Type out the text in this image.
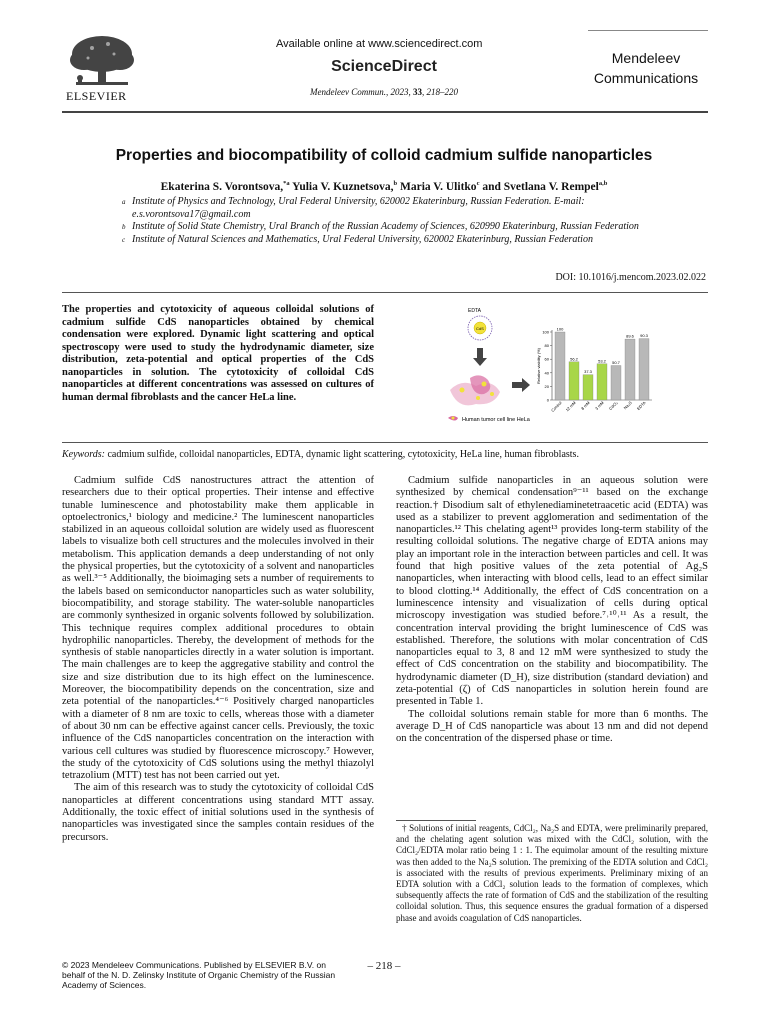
ELSEVIER
Available online at www.sciencedirect.com
ScienceDirect
Mendeleev Commun., 2023, 33, 218–220
Mendeleev
Communications
Properties and biocompatibility of colloid cadmium sulfide nanoparticles
Ekaterina S. Vorontsova,$^{*a}$ Yulia V. Kuznetsova,$^b$ Maria V. Ulitko$^c$ and Svetlana V. Rempel$^{a,b}$
a Institute of Physics and Technology, Ural Federal University, 620002 Ekaterinburg, Russian Federation. E-mail: e.s.vorontsova17@gmail.com
b Institute of Solid State Chemistry, Ural Branch of the Russian Academy of Sciences, 620990 Ekaterinburg, Russian Federation
c Institute of Natural Sciences and Mathematics, Ural Federal University, 620002 Ekaterinburg, Russian Federation
DOI: 10.1016/j.mencom.2023.02.022
The properties and cytotoxicity of aqueous colloidal solutions of cadmium sulfide CdS nanoparticles obtained by chemical condensation were explored. Dynamic light scattering and optical spectroscopy were used to study the hydrodynamic diameter, size distribution, zeta-potential and optical properties of the CdS nanoparticles in solution. The cytotoxicity of colloidal CdS nanoparticles at different concentrations was assessed on cultures of human dermal fibroblasts and the cancer HeLa line.
EDTA
CdS
Human tumor cell line HeLa
0
20
40
60
80
100
Relative viability (%)
100
Control
56.2
12 mM
37.3
8 mM
53.2
3 mM
50.7
CdCl₂
89.6
Na₂S
90.3
EDTA
Keywords: cadmium sulfide, colloidal nanoparticles, EDTA, dynamic light scattering, cytotoxicity, HeLa line, human fibroblasts.

Cadmium sulfide CdS nanostructures attract the attention of researchers due to their optical properties. Their intense and effective tunable luminescence and photostability make them applicable in optoelectronics,¹ biology and medicine.² The luminescent nanoparticles stabilized in an aqueous colloidal solution are widely used as fluorescent labels to visualize both cell structures and the molecules involved in their metabolism. This application demands a deep understanding of not only the physical properties, but the cytotoxicity of a solvent and nanoparticles as well.³⁻⁵ Additionally, the bioimaging sets a number of requirements to the labels based on semiconductor nanoparticles such as water solubility, biocompatibility, and storage stability. The water-soluble nanoparticles are commonly synthesized in organic solvents followed by solubilization. This technique requires complex additional procedures to obtain hydrophilic nanoparticles. Thereby, the development of methods for the synthesis of stable nanoparticles directly in a water solution is important. The main challenges are to keep the aggregative stability and control the size and size distribution due to its high effect on the luminescence. Moreover, the biocompatibility depends on the concentration, size and zeta potential of the nanoparticles.⁴⁻⁶ Positively charged nanoparticles with a diameter of 8 nm are toxic to cells, whereas those with a diameter of about 30 nm can be effective against cancer cells. Previously, the toxic influence of the CdS nanoparticles concentration on the interaction with various cell cultures was studied by fluorescence microscopy.⁷ However, the study of the cytotoxicity of CdS solutions using the methyl thiazolyl tetrazolium (MTT) test has not been carried out yet.

The aim of this research was to study the cytotoxicity of colloidal CdS nanoparticles at different concentrations using standard MTT assay. Additionally, the toxic effect of initial solutions used in the synthesis of nanoparticles was investigated since the samples contain residues of the precursors.

Cadmium sulfide nanoparticles in an aqueous solution were synthesized by chemical condensation⁹⁻¹¹ based on the exchange reaction.† Disodium salt of ethylenediaminetetraacetic acid (EDTA) was used as a stabilizer to prevent agglomeration and sedimentation of the nanoparticles.¹² This chelating agent¹³ provides long-term stability of the resulting colloidal solutions. The negative charge of EDTA anions may play an important role in the interaction between particles and cell. It was found that high positive values of the zeta potential of Ag₂S nanoparticles, when interacting with blood cells, lead to an effect similar to blood clotting.¹⁴ Additionally, the effect of CdS concentration on a luminescence intensity and visualization of cells during optical microscopy investigation was studied before.⁷˒¹⁰˒¹¹ As a result, the concentration interval providing the bright luminescence of CdS was established. Therefore, the solutions with molar concentration of CdS nanoparticles equal to 3, 8 and 12 mM were synthesized to study the effect of CdS concentration on the stability and biocompatibility. The hydrodynamic diameter (D_H), size distribution (standard deviation) and zeta-potential (ζ) of CdS nanoparticles in solution herein found are presented in Table 1.

The colloidal solutions remain stable for more than 6 months. The average D_H of CdS nanoparticle was about 13 nm and did not depend on the concentration of the dispersed phase or time.

† Solutions of initial reagents, CdCl₂, Na₂S and EDTA, were preliminarily prepared, and the chelating agent solution was mixed with the CdCl₂ solution, with the CdCl₂/EDTA molar ratio being 1 : 1. The equimolar amount of the resulting mixture was then added to the Na₂S solution. The premixing of the EDTA solution and CdCl₂ is associated with the results of previous experiments. Preliminary mixing of an EDTA solution with a CdCl₂ solution leads to the formation of complexes, which subsequently affects the rate of formation of CdS and the stabilization of the resulting colloidal solution. Thus, this sequence ensures the gradual formation of a dispersed phase and avoids coagulation of CdS nanoparticles.

© 2023 Mendeleev Communications. Published by ELSEVIER B.V. on behalf of the N. D. Zelinsky Institute of Organic Chemistry of the Russian Academy of Sciences.
– 218 –
